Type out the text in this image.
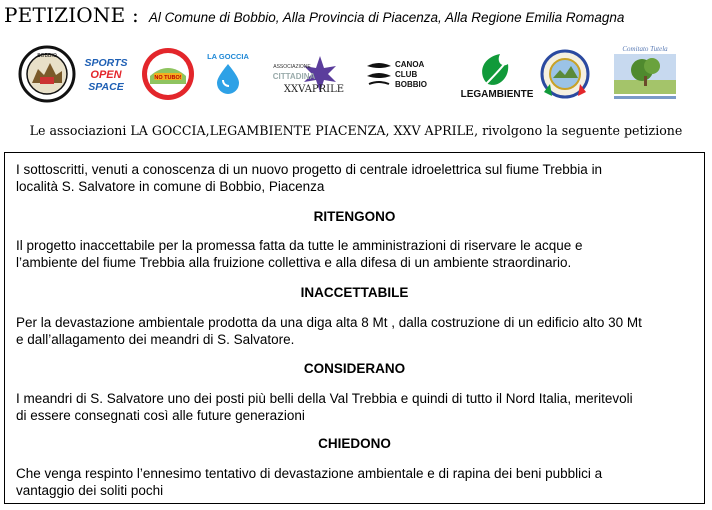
PETIZIONE : Al Comune di Bobbio, Alla Provincia di Piacenza, Alla Regione Emilia Romagna
BOBBIO
SPORTS
OPEN
SPACE
NO TUBO!
LA GOCCIA
ASSOCIAZIONE
CITTADINA
XXVAPRILE
CANOA
CLUB
BOBBIO
LEGAMBIENTE
Comitato Tutela
Le associazioni LA GOCCIA,LEGAMBIENTE PIACENZA, XXV APRILE, rivolgono la seguente petizione
I sottoscritti, venuti a conoscenza di un nuovo progetto di centrale idroelettrica sul fiume Trebbia in
località S. Salvatore in comune di Bobbio, Piacenza
RITENGONO
Il progetto inaccettabile per la promessa fatta da tutte le amministrazioni di riservare le acque e
l’ambiente del fiume Trebbia alla fruizione collettiva e alla difesa di un ambiente straordinario.
INACCETTABILE
Per la devastazione ambientale prodotta da una diga alta 8 Mt , dalla costruzione di un edificio alto 30 Mt
e dall’allagamento dei meandri di S. Salvatore.
CONSIDERANO
I meandri di S. Salvatore uno dei posti più belli della Val Trebbia e quindi di tutto il Nord Italia, meritevoli
di essere consegnati così alle future generazioni
CHIEDONO
Che venga respinto l’ennesimo tentativo di devastazione ambientale e di rapina dei beni pubblici a
vantaggio dei soliti pochi
